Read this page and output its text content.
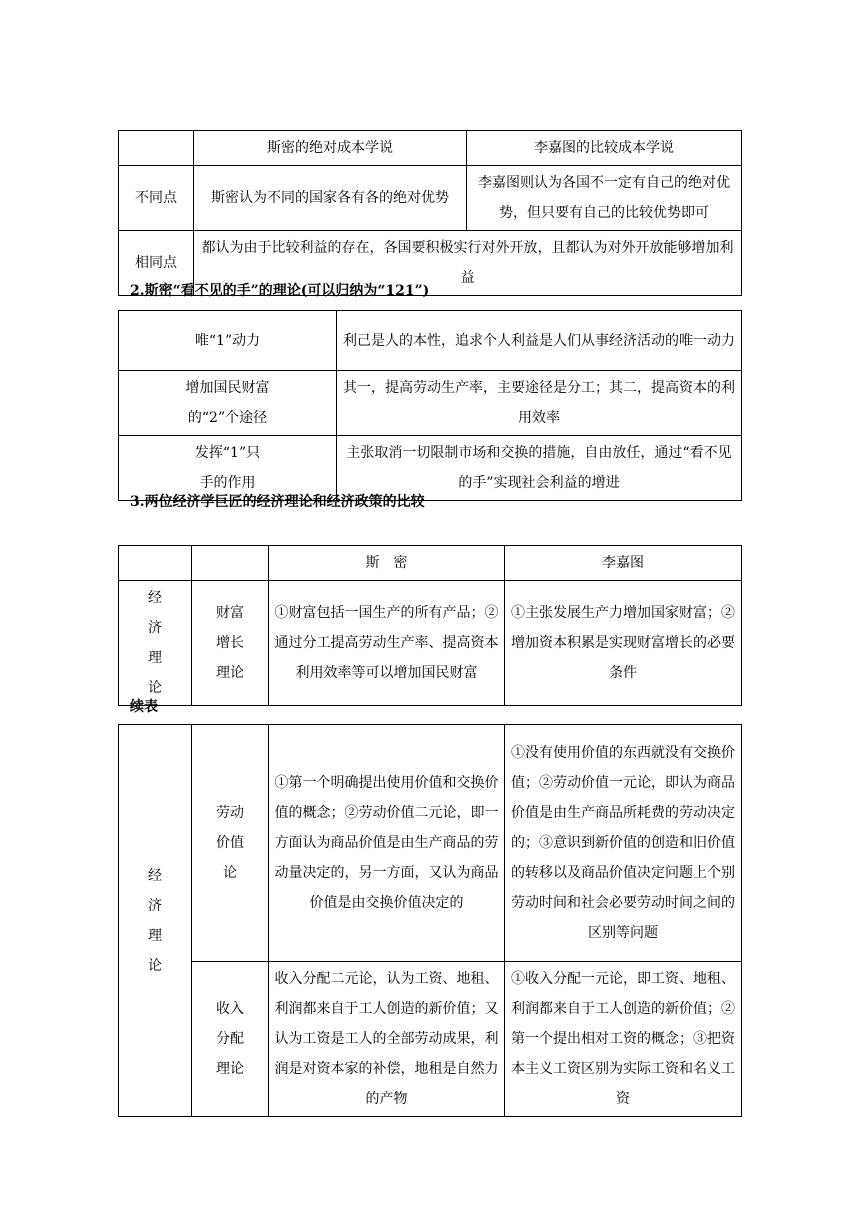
	斯密的绝对成本学说	李嘉图的比较成本学说
不同点	斯密认为不同的国家各有各的绝对优势	李嘉图则认为各国不一定有自己的绝对优势，但只要有自己的比较优势即可
相同点	都认为由于比较利益的存在，各国要积极实行对外开放，且都认为对外开放能够增加利益	
2.斯密“看不见的手”的理论(可以归纳为“121”)
唯“1”动力	利己是人的本性，追求个人利益是人们从事经济活动的唯一动力
增加国民财富
的“2”个途径	其一，提高劳动生产率，主要途径是分工；其二，提高资本的利用效率
发挥“1”只
手的作用	主张取消一切限制市场和交换的措施，自由放任，通过“看不见的手”实现社会利益的增进
3.两位经济学巨匠的经济理论和经济政策的比较
		斯　密	李嘉图
经
济
理
论	财富
增长
理论	①财富包括一国生产的所有产品；②通过分工提高劳动生产率、提高资本利用效率等可以增加国民财富	①主张发展生产力增加国家财富；②增加资本积累是实现财富增长的必要条件
续表
经
济
理
论	劳动
价值
论	①第一个明确提出使用价值和交换价值的概念；②劳动价值二元论，即一方面认为商品价值是由生产商品的劳动量决定的，另一方面，又认为商品价值是由交换价值决定的	①没有使用价值的东西就没有交换价值；②劳动价值一元论，即认为商品价值是由生产商品所耗费的劳动决定的；③意识到新价值的创造和旧价值的转移以及商品价值决定问题上个别劳动时间和社会必要劳动时间之间的区别等问题
	收入
分配
理论	收入分配二元论，认为工资、地租、利润都来自于工人创造的新价值；又认为工资是工人的全部劳动成果，利润是对资本家的补偿，地租是自然力的产物	①收入分配一元论，即工资、地租、利润都来自于工人创造的新价值；②第一个提出相对工资的概念；③把资本主义工资区别为实际工资和名义工资
